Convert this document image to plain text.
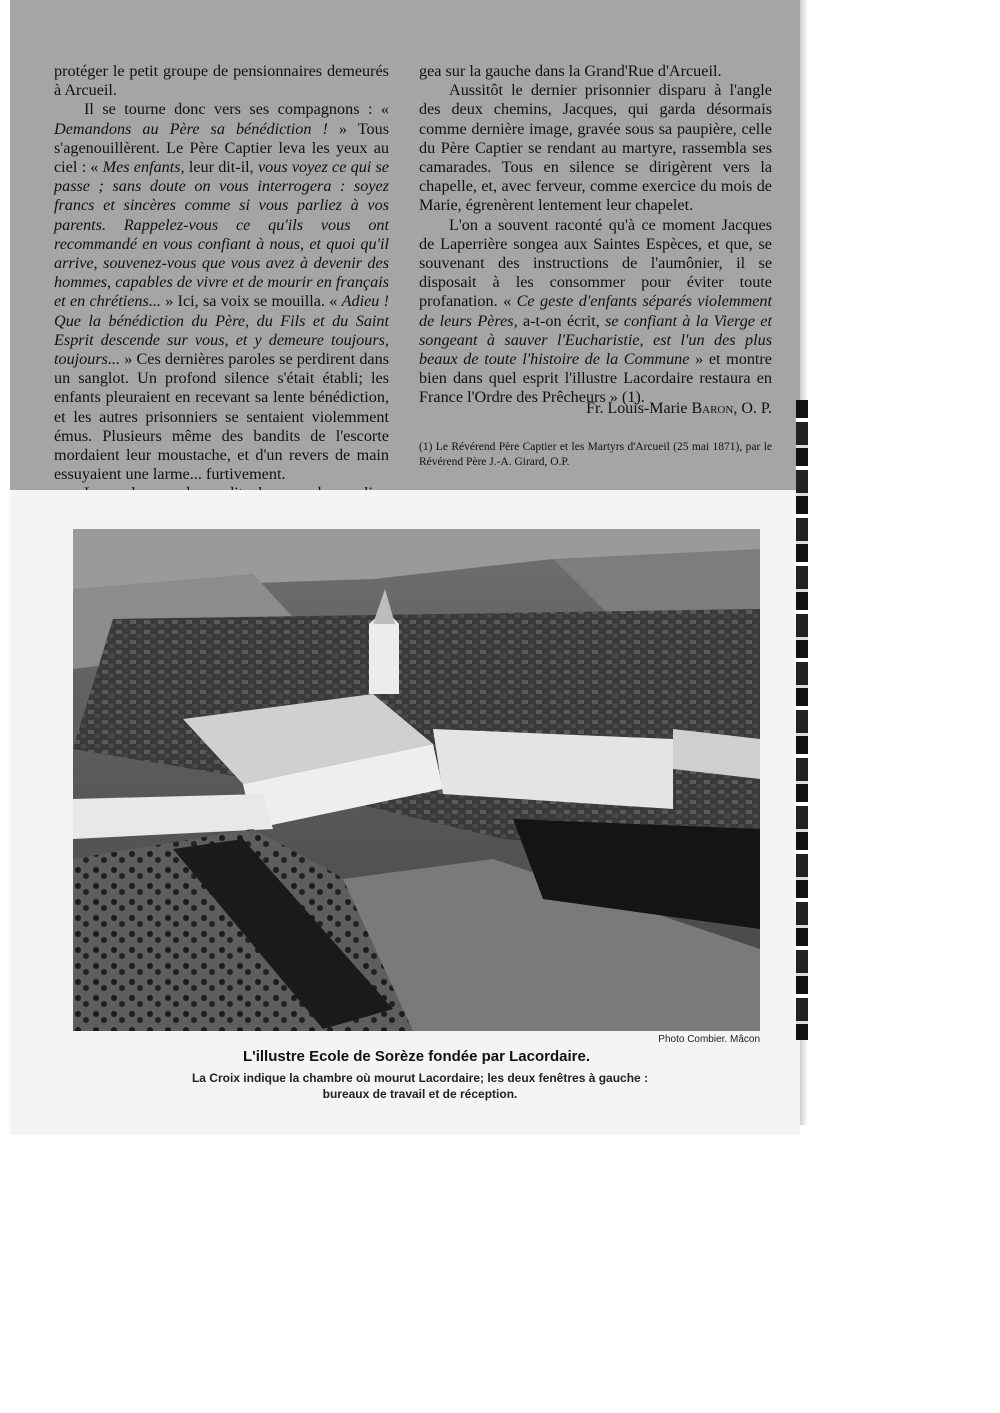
protéger le petit groupe de pensionnaires demeurés à Arcueil.

Il se tourne donc vers ses compagnons : « Demandons au Père sa bénédiction ! » Tous s'agenouillèrent. Le Père Captier leva les yeux au ciel : « Mes enfants, leur dit-il, vous voyez ce qui se passe ; sans doute on vous interrogera : soyez francs et sincères comme si vous parliez à vos parents. Rappelez-vous ce qu'ils vous ont recommandé en vous confiant à nous, et quoi qu'il arrive, souvenez-vous que vous avez à devenir des hommes, capables de vivre et de mourir en français et en chrétiens... » Ici, sa voix se mouilla. « Adieu ! Que la bénédiction du Père, du Fils et du Saint Esprit descende sur vous, et y demeure toujours, toujours... » Ces dernières paroles se perdirent dans un sanglot. Un profond silence s'était établi; les enfants pleuraient en recevant sa lente bénédiction, et les autres prisonniers se sentaient violemment émus. Plusieurs même des bandits de l'escorte mordaient leur moustache, et d'un revers de main essuyaient une larme... furtivement.

gea sur la gauche dans la Grand'Rue d'Arcueil.

Aussitôt le dernier prisonnier disparu à l'angle des deux chemins, Jacques, qui garda désormais comme dernière image, gravée sous sa paupière, celle du Père Captier se rendant au martyre, rassembla ses camarades. Tous en silence se dirigèrent vers la chapelle, et, avec ferveur, comme exercice du mois de Marie, égrenèrent lentement leur chapelet.

L'on a souvent raconté qu'à ce moment Jacques de Laperrière songea aux Saintes Espèces, et que, se souvenant des instructions de l'aumônier, il se disposait à les consommer pour éviter toute profanation. « Ce geste d'enfants séparés violemment de leurs Pères, a-t-on écrit, se confiant à la Vierge et songeant à sauver l'Eucharistie, est l'un des plus beaux de toute l'histoire de la Commune » et montre bien dans quel esprit l'illustre Lacordaire restaura en France l'Ordre des Prêcheurs » (1).

Fr. Louis-Marie Baron, O. P.
(1) Le Révérend Père Captier et les Martyrs d'Arcueil (25 mai 1871), par le Révérend Père J.-A. Girard, O.P.
Photo Combier. Mâcon
L'illustre Ecole de Sorèze fondée par Lacordaire.
La Croix indique la chambre où mourut Lacordaire; les deux fenêtres à gauche :
bureaux de travail et de réception.
